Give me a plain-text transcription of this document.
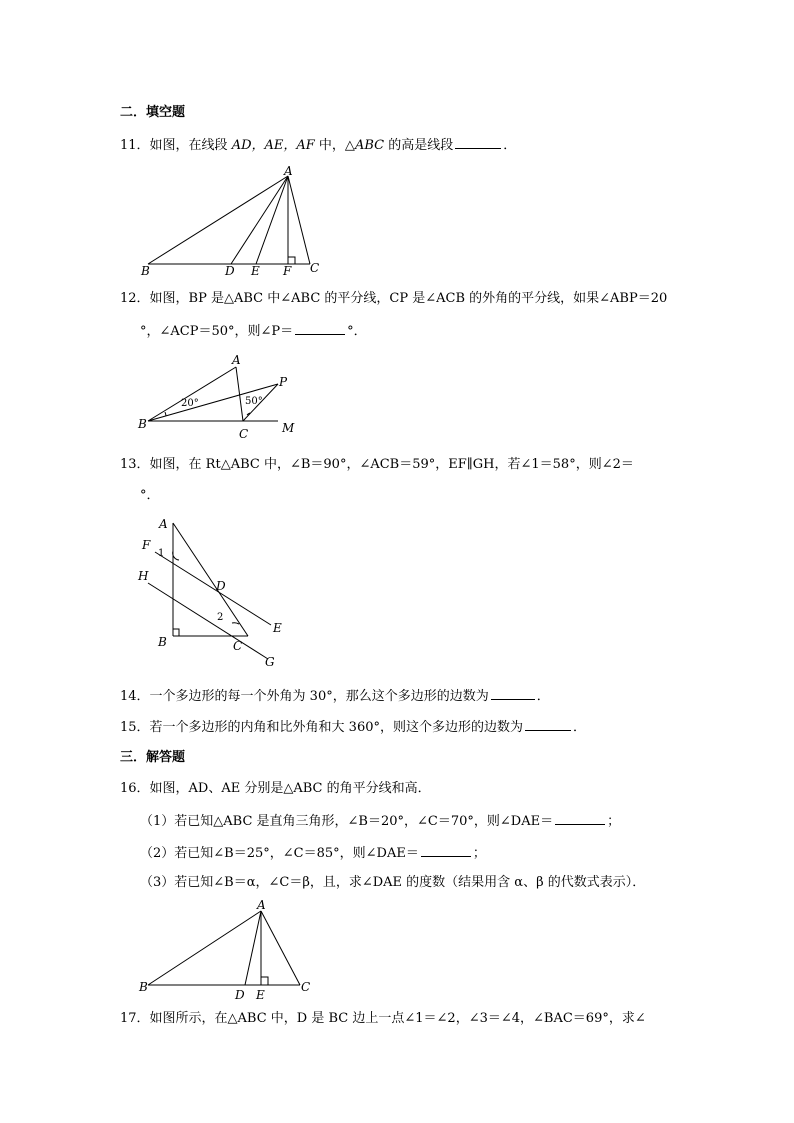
二．填空题
11．如图，在线段 AD，AE，AF 中，△ABC 的高是线段	．
A
B	D E F C
12．如图，BP 是△ABC 中∠ABC 的平分线，CP 是∠ACB 的外角的平分线，如果∠ABP＝20
°，∠ACP＝50°，则∠P＝	°．
A
P
B
C	M
20°	50°
13．如图，在 Rt△ABC 中，∠B＝90°，∠ACB＝59°，EF∥GH，若∠1＝58°，则∠2＝
°．
A
F
H
D
E
B	C
G
1
2
14．一个多边形的每一个外角为 30°，那么这个多边形的边数为	．
15．若一个多边形的内角和比外角和大 360°，则这个多边形的边数为	．
三．解答题
16．如图，AD、AE 分别是△ABC 的角平分线和高．
（1）若已知△ABC 是直角三角形，∠B＝20°，∠C＝70°，则∠DAE＝	；
（2）若已知∠B＝25°，∠C＝85°，则∠DAE＝	；
（3）若已知∠B＝α，∠C＝β，且，求∠DAE 的度数（结果用含 α、β 的代数式表示）．
A
B
D E
C
17．如图所示，在△ABC 中，D 是 BC 边上一点∠1＝∠2，∠3＝∠4，∠BAC＝69°，求∠
